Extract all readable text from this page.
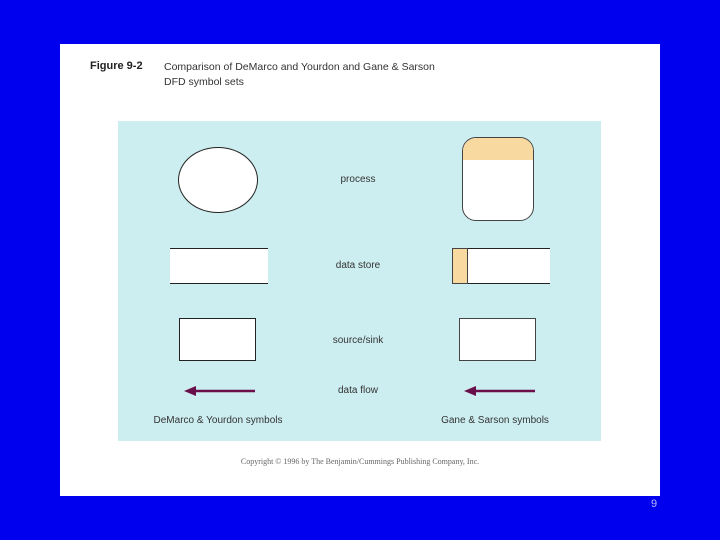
Figure 9-2 Comparison of DeMarco and Yourdon and Gane & Sarson
DFD symbol sets
process
data store
source/sink
data flow
DeMarco & Yourdon symbols	Gane & Sarson symbols
Copyright © 1996 by The Benjamin/Cummings Publishing Company, Inc.
9
